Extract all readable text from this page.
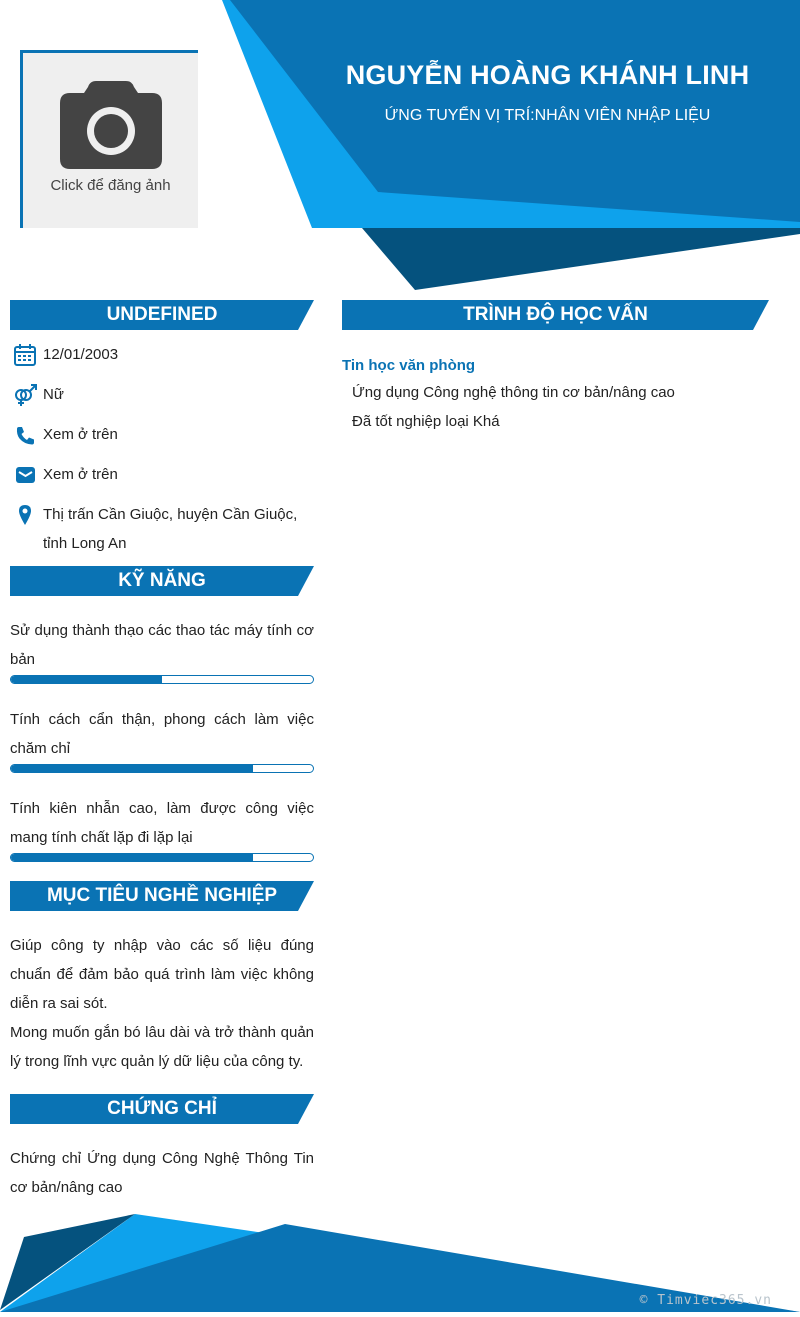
Click để đăng ảnh
NGUYỄN HOÀNG KHÁNH LINH
ỨNG TUYỂN VỊ TRÍ:NHÂN VIÊN NHẬP LIỆU
UNDEFINED
12/01/2003
Nữ
Xem ở trên
Xem ở trên
Thị trấn Cần Giuộc, huyện Cần Giuộc, tỉnh Long An
KỸ NĂNG
Sử dụng thành thạo các thao tác máy tính cơ bản
Tính cách cẩn thận, phong cách làm việc chăm chỉ
Tính kiên nhẫn cao, làm được công việc mang tính chất lặp đi lặp lại
MỤC TIÊU NGHỀ NGHIỆP
Giúp công ty nhập vào các số liệu đúng chuẩn để đảm bảo quá trình làm việc không diễn ra sai sót.
Mong muốn gắn bó lâu dài và trở thành quản lý trong lĩnh vực quản lý dữ liệu của công ty.
CHỨNG CHỈ
Chứng chỉ Ứng dụng Công Nghệ Thông Tin cơ bản/nâng cao
TRÌNH ĐỘ HỌC VẤN
Tin học văn phòng
Ứng dụng Công nghệ thông tin cơ bản/nâng cao
Đã tốt nghiệp loại Khá
© Timviec365.vn
